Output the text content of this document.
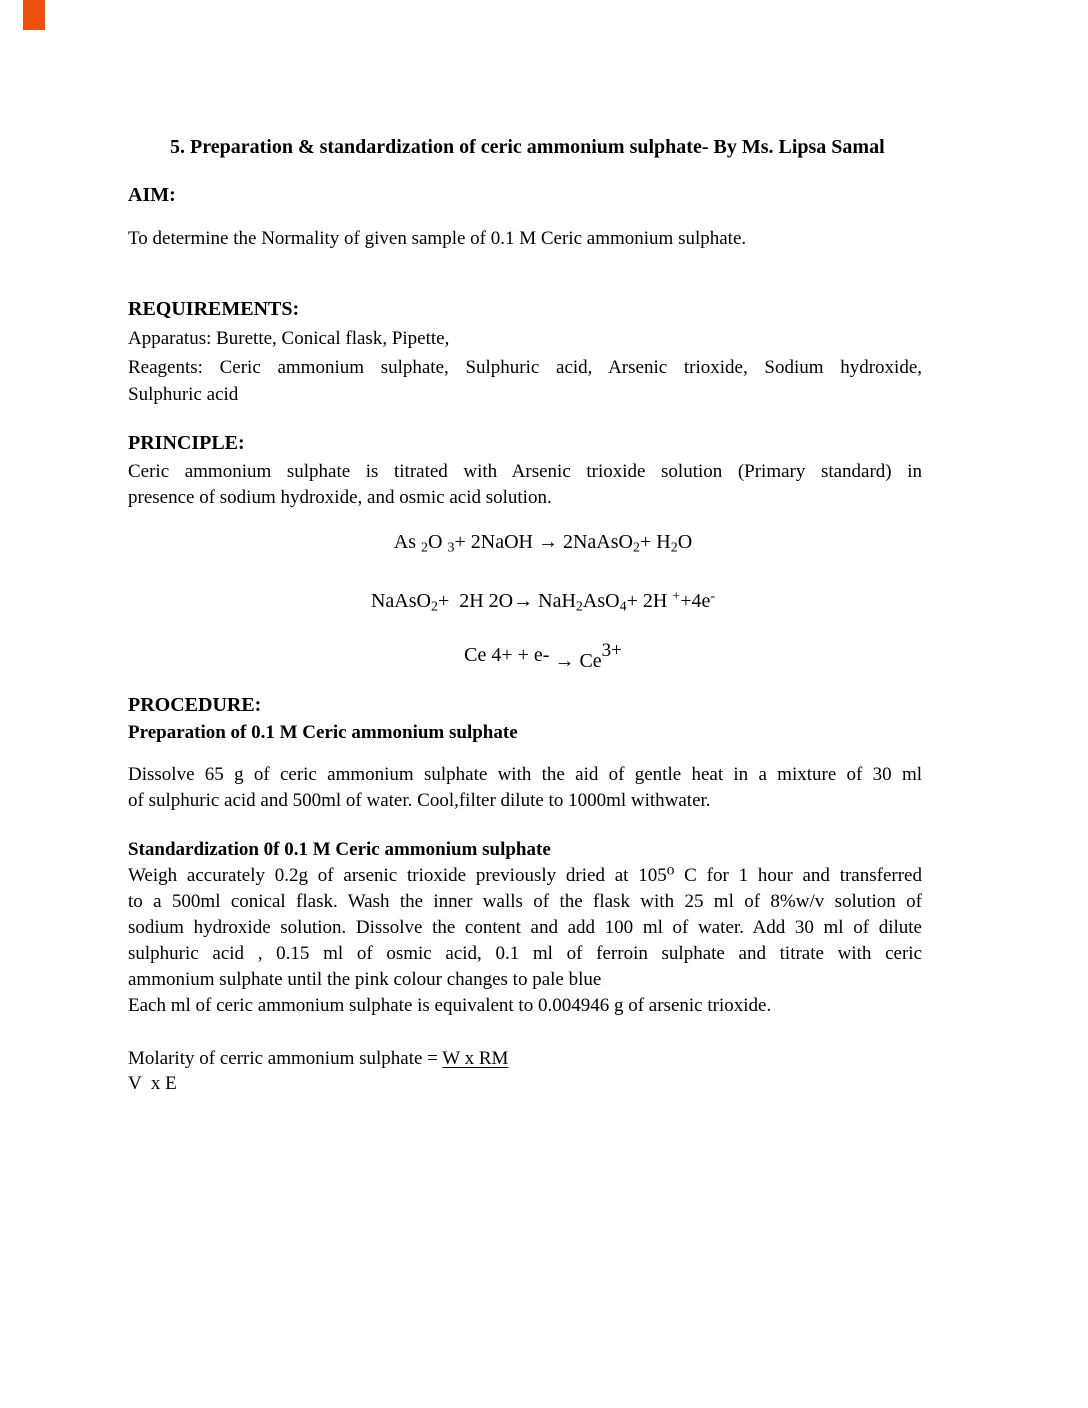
5. Preparation & standardization of ceric ammonium sulphate- By Ms. Lipsa Samal
AIM:
To determine the Normality of given sample of 0.1 M Ceric ammonium sulphate.
REQUIREMENTS:
Apparatus: Burette, Conical flask, Pipette,
Reagents: Ceric ammonium sulphate, Sulphuric acid, Arsenic trioxide, Sodium hydroxide,
Sulphuric acid
PRINCIPLE:
Ceric ammonium sulphate is titrated with Arsenic trioxide solution (Primary standard) in
presence of sodium hydroxide, and osmic acid solution.
As 2O 3+ 2NaOH → 2NaAsO2+ H2O
NaAsO2+  2H 2O→ NaH2AsO4+ 2H ++4e-
Ce 4+ + e- → Ce3+
PROCEDURE:
Preparation of 0.1 M Ceric ammonium sulphate
Dissolve 65 g of ceric ammonium sulphate with the aid of gentle heat in a mixture of 30 ml
of sulphuric acid and 500ml of water. Cool,filter dilute to 1000ml withwater.
Standardization 0f 0.1 M Ceric ammonium sulphate
Weigh accurately 0.2g of arsenic trioxide previously dried at 105⁰ C for 1 hour and transferred
to a 500ml conical flask. Wash the inner walls of the flask with 25 ml of 8%w/v solution of
sodium hydroxide solution. Dissolve the content and add 100 ml of water. Add 30 ml of dilute
sulphuric acid , 0.15 ml of osmic acid, 0.1 ml of ferroin sulphate and titrate with ceric
ammonium sulphate until the pink colour changes to pale blue
Each ml of ceric ammonium sulphate is equivalent to 0.004946 g of arsenic trioxide.
Molarity of cerric ammonium sulphate = W x RM
V  x E
